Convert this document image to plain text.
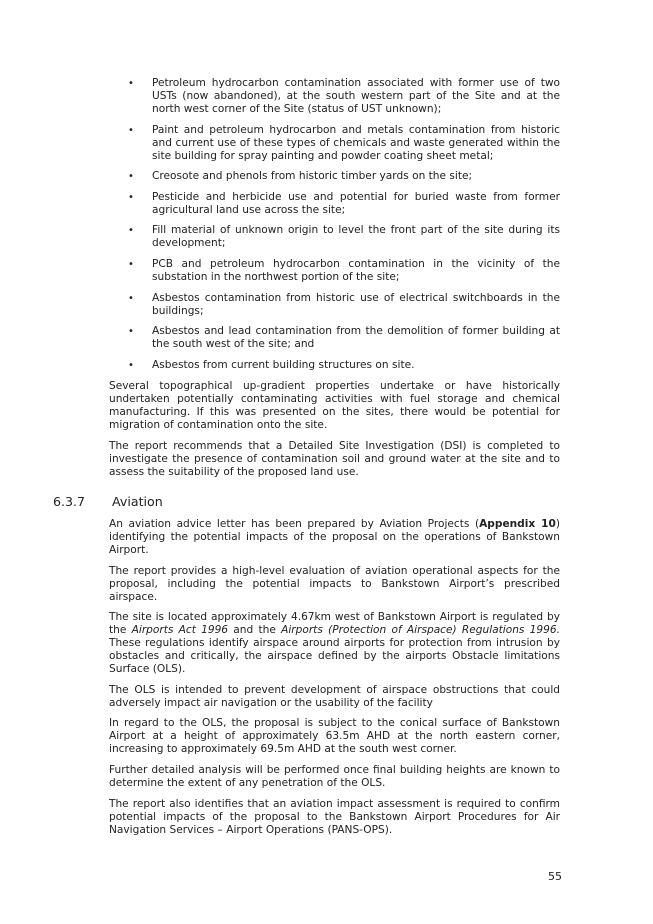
• Petroleum hydrocarbon contamination associated with former use of two USTs (now abandoned), at the south western part of the Site and at the north west corner of the Site (status of UST unknown);
• Paint and petroleum hydrocarbon and metals contamination from historic and current use of these types of chemicals and waste generated within the site building for spray painting and powder coating sheet metal;
• Creosote and phenols from historic timber yards on the site;
• Pesticide and herbicide use and potential for buried waste from former agricultural land use across the site;
• Fill material of unknown origin to level the front part of the site during its development;
• PCB and petroleum hydrocarbon contamination in the vicinity of the substation in the northwest portion of the site;
• Asbestos contamination from historic use of electrical switchboards in the buildings;
• Asbestos and lead contamination from the demolition of former building at the south west of the site; and
• Asbestos from current building structures on site.

Several topographical up-gradient properties undertake or have historically undertaken potentially contaminating activities with fuel storage and chemical manufacturing. If this was presented on the sites, there would be potential for migration of contamination onto the site.

The report recommends that a Detailed Site Investigation (DSI) is completed to investigate the presence of contamination soil and ground water at the site and to assess the suitability of the proposed land use.

6.3.7 Aviation

An aviation advice letter has been prepared by Aviation Projects (Appendix 10) identifying the potential impacts of the proposal on the operations of Bankstown Airport.

The report provides a high-level evaluation of aviation operational aspects for the proposal, including the potential impacts to Bankstown Airport’s prescribed airspace.

The site is located approximately 4.67km west of Bankstown Airport is regulated by the Airports Act 1996 and the Airports (Protection of Airspace) Regulations 1996. These regulations identify airspace around airports for protection from intrusion by obstacles and critically, the airspace defined by the airports Obstacle limitations Surface (OLS).

The OLS is intended to prevent development of airspace obstructions that could adversely impact air navigation or the usability of the facility

In regard to the OLS, the proposal is subject to the conical surface of Bankstown Airport at a height of approximately 63.5m AHD at the north eastern corner, increasing to approximately 69.5m AHD at the south west corner.

Further detailed analysis will be performed once final building heights are known to determine the extent of any penetration of the OLS.

The report also identifies that an aviation impact assessment is required to confirm potential impacts of the proposal to the Bankstown Airport Procedures for Air Navigation Services – Airport Operations (PANS-OPS).

55
